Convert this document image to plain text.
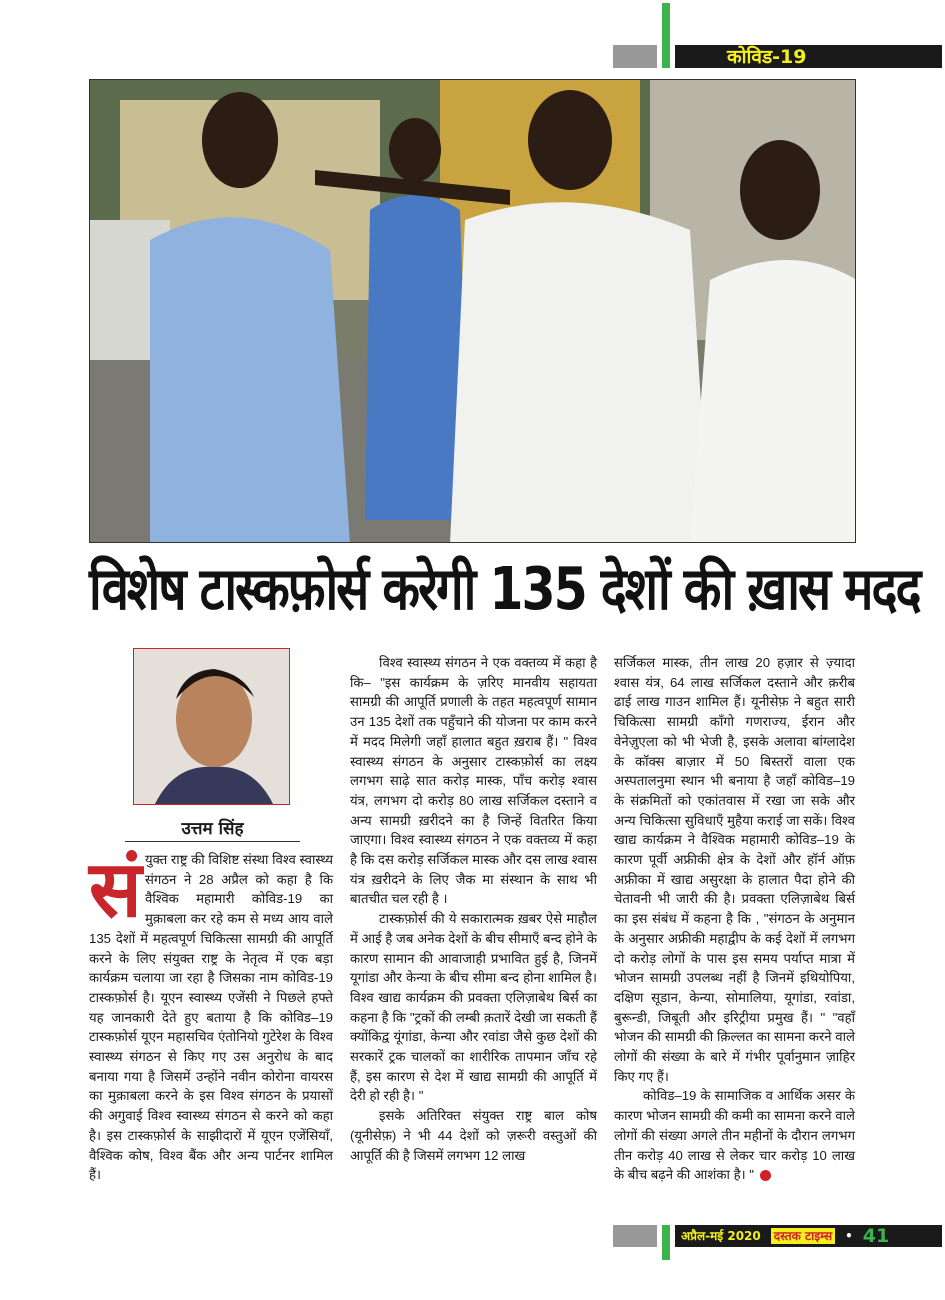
कोविड-19
विशेष टास्कफ़ोर्स करेगी 135 देशों की ख़ास मदद
उत्तम सिंह

संयुक्त राष्ट्र की विशिष्ट संस्था विश्व स्वास्थ्य संगठन ने 28 अप्रैल को कहा है कि वैश्विक महामारी कोविड-19 का मुक़ाबला कर रहे कम से मध्य आय वाले 135 देशों में महत्वपूर्ण चिकित्सा सामग्री की आपूर्ति करने के लिए संयुक्त राष्ट्र के नेतृत्व में एक बड़ा कार्यक्रम चलाया जा रहा है जिसका नाम कोविड-19 टास्कफ़ोर्स है। यूएन स्वास्थ्य एजेंसी ने पिछले हफ्ते यह जानकारी देते हुए बताया है कि कोविड–19 टास्कफ़ोर्स यूएन महासचिव एंतोनियो गुटेरेश के विश्व स्वास्थ्य संगठन से किए गए उस अनुरोध के बाद बनाया गया है जिसमें उन्होंने नवीन कोरोना वायरस का मुक़ाबला करने के इस विश्व संगठन के प्रयासों की अगुवाई विश्व स्वास्थ्य संगठन से करने को कहा है। इस टास्कफ़ोर्स के साझीदारों में यूएन एजेंसियाँ, वैश्विक कोष, विश्व बैंक और अन्य पार्टनर शामिल हैं।

विश्व स्वास्थ्य संगठन ने एक वक्तव्य में कहा है कि– "इस कार्यक्रम के ज़रिए मानवीय सहायता सामग्री की आपूर्ति प्रणाली के तहत महत्वपूर्ण सामान उन 135 देशों तक पहुँचाने की योजना पर काम करने में मदद मिलेगी जहाँ हालात बहुत ख़राब हैं। " विश्व स्वास्थ्य संगठन के अनुसार टास्कफ़ोर्स का लक्ष्य लगभग साढ़े सात करोड़ मास्क, पाँच करोड़ श्वास यंत्र, लगभग दो करोड़ 80 लाख सर्जिकल दस्ताने व अन्य सामग्री ख़रीदने का है जिन्हें वितरित किया जाएगा। विश्व स्वास्थ्य संगठन ने एक वक्तव्य में कहा है कि दस करोड़ सर्जिकल मास्क और दस लाख श्वास यंत्र ख़रीदने के लिए जैक मा संस्थान के साथ भी बातचीत चल रही है ।

टास्कफ़ोर्स की ये सकारात्मक ख़बर ऐसे माहौल में आई है जब अनेक देशों के बीच सीमाएँ बन्द होने के कारण सामान की आवाजाही प्रभावित हुई है, जिनमें यूगांडा और केन्या के बीच सीमा बन्द होना शामिल है। विश्व खाद्य कार्यक्रम की प्रवक्ता एलिज़ाबेथ बिर्स का कहना है कि "ट्रकों की लम्बी क़तारें देखी जा सकती हैं क्योंकिद्व यूंगांडा, केन्या और रवांडा जैसे कुछ देशों की सरकारें ट्रक चालकों का शारीरिक तापमान जाँच रहे हैं, इस कारण से देश में खाद्य सामग्री की आपूर्ति में देरी हो रही है। "

इसके अतिरिक्त संयुक्त राष्ट्र बाल कोष (यूनीसेफ़) ने भी 44 देशों को ज़रूरी वस्तुओं की आपूर्ति की है जिसमें लगभग 12 लाख

सर्जिकल मास्क, तीन लाख 20 हज़ार से ज़्यादा श्वास यंत्र, 64 लाख सर्जिकल दस्ताने और क़रीब ढाई लाख गाउन शामिल हैं। यूनीसेफ़ ने बहुत सारी चिकित्सा सामग्री काँगो गणराज्य, ईरान और वेनेज़ुएला को भी भेजी है, इसके अलावा बांग्लादेश के कॉक्स बाज़ार में 50 बिस्तरों वाला एक अस्पतालनुमा स्थान भी बनाया है जहाँ कोविड–19 के संक्रमितों को एकांतवास में रखा जा सके और अन्य चिकित्सा सुविधाएँ मुहैया कराई जा सकें। विश्व खाद्य कार्यक्रम ने वैश्विक महामारी कोविड–19 के कारण पूर्वी अफ्रीकी क्षेत्र के देशों और हॉर्न ऑफ़ अफ्रीका में खाद्य असुरक्षा के हालात पैदा होने की चेतावनी भी जारी की है। प्रवक्ता एलिज़ाबेथ बिर्स का इस संबंध में कहना है कि , "संगठन के अनुमान के अनुसार अफ्रीकी महाद्वीप के कई देशों में लगभग दो करोड़ लोगों के पास इस समय पर्याप्त मात्रा में भोजन सामग्री उपलब्ध नहीं है जिनमें इथियोपिया, दक्षिण सूडान, केन्या, सोमालिया, यूगांडा, रवांडा, बुरून्डी, जिबूती और इरिट्रीया प्रमुख हैं। " "वहाँ भोजन की सामग्री की क़िल्लत का सामना करने वाले लोगों की संख्या के बारे में गंभीर पूर्वानुमान ज़ाहिर किए गए हैं।

कोविड–19 के सामाजिक व आर्थिक असर के कारण भोजन सामग्री की कमी का सामना करने वाले लोगों की संख्या अगले तीन महीनों के दौरान लगभग तीन करोड़ 40 लाख से लेकर चार करोड़ 10 लाख के बीच बढ़ने की आशंका है। "

अप्रैल-मई 2020 दस्तक टाइम्स • 41
